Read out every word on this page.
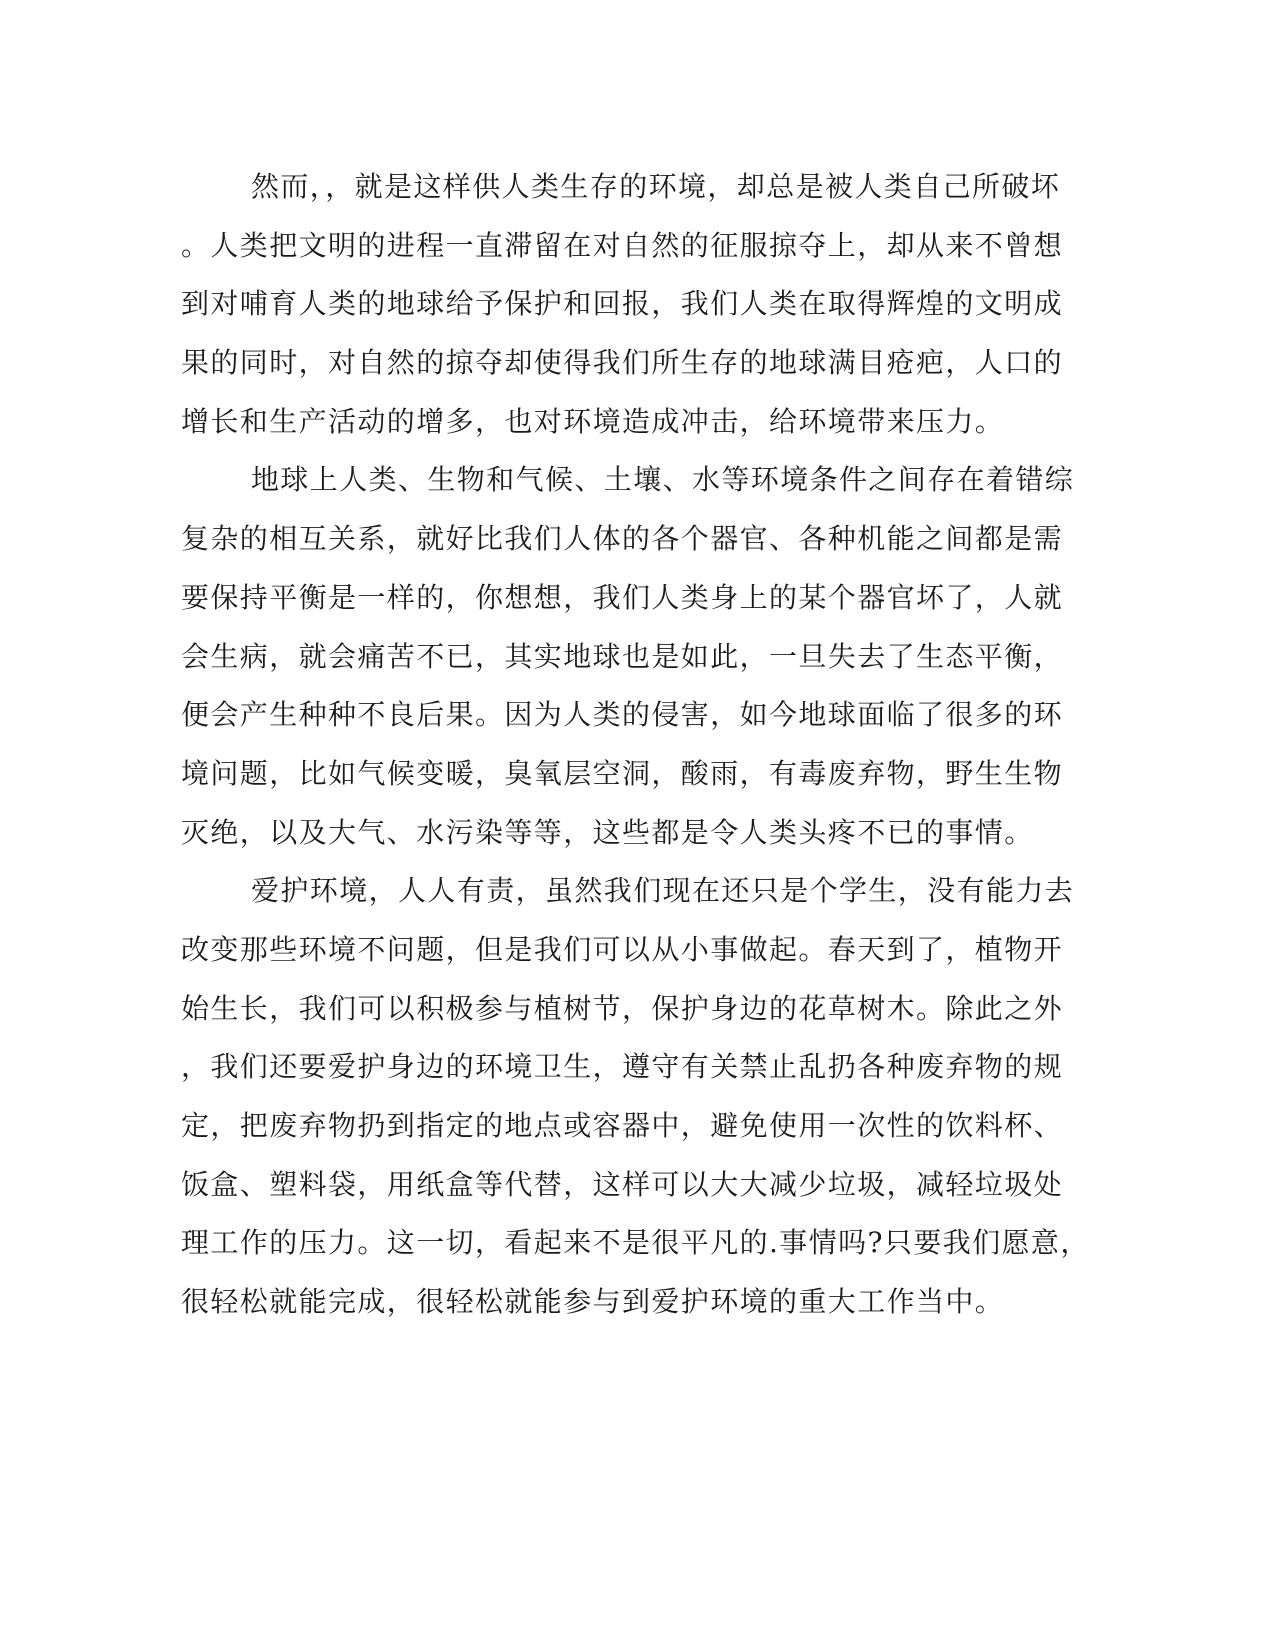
然而，，就是这样供人类生存的环境，却总是被人类自己所破坏
。人类把文明的进程一直滞留在对自然的征服掠夺上，却从来不曾想
到对哺育人类的地球给予保护和回报，我们人类在取得辉煌的文明成
果的同时，对自然的掠夺却使得我们所生存的地球满目疮疤，人口的
增长和生产活动的增多，也对环境造成冲击，给环境带来压力。
地球上人类、生物和气候、土壤、水等环境条件之间存在着错综
复杂的相互关系，就好比我们人体的各个器官、各种机能之间都是需
要保持平衡是一样的，你想想，我们人类身上的某个器官坏了，人就
会生病，就会痛苦不已，其实地球也是如此，一旦失去了生态平衡，
便会产生种种不良后果。因为人类的侵害，如今地球面临了很多的环
境问题，比如气候变暖，臭氧层空洞，酸雨，有毒废弃物，野生生物
灭绝，以及大气、水污染等等，这些都是令人类头疼不已的事情。
爱护环境，人人有责，虽然我们现在还只是个学生，没有能力去
改变那些环境不问题，但是我们可以从小事做起。春天到了，植物开
始生长，我们可以积极参与植树节，保护身边的花草树木。除此之外
，我们还要爱护身边的环境卫生，遵守有关禁止乱扔各种废弃物的规
定，把废弃物扔到指定的地点或容器中，避免使用一次性的饮料杯、
饭盒、塑料袋，用纸盒等代替，这样可以大大减少垃圾，减轻垃圾处
理工作的压力。这一切，看起来不是很平凡的.事情吗?只要我们愿意，
很轻松就能完成，很轻松就能参与到爱护环境的重大工作当中。
